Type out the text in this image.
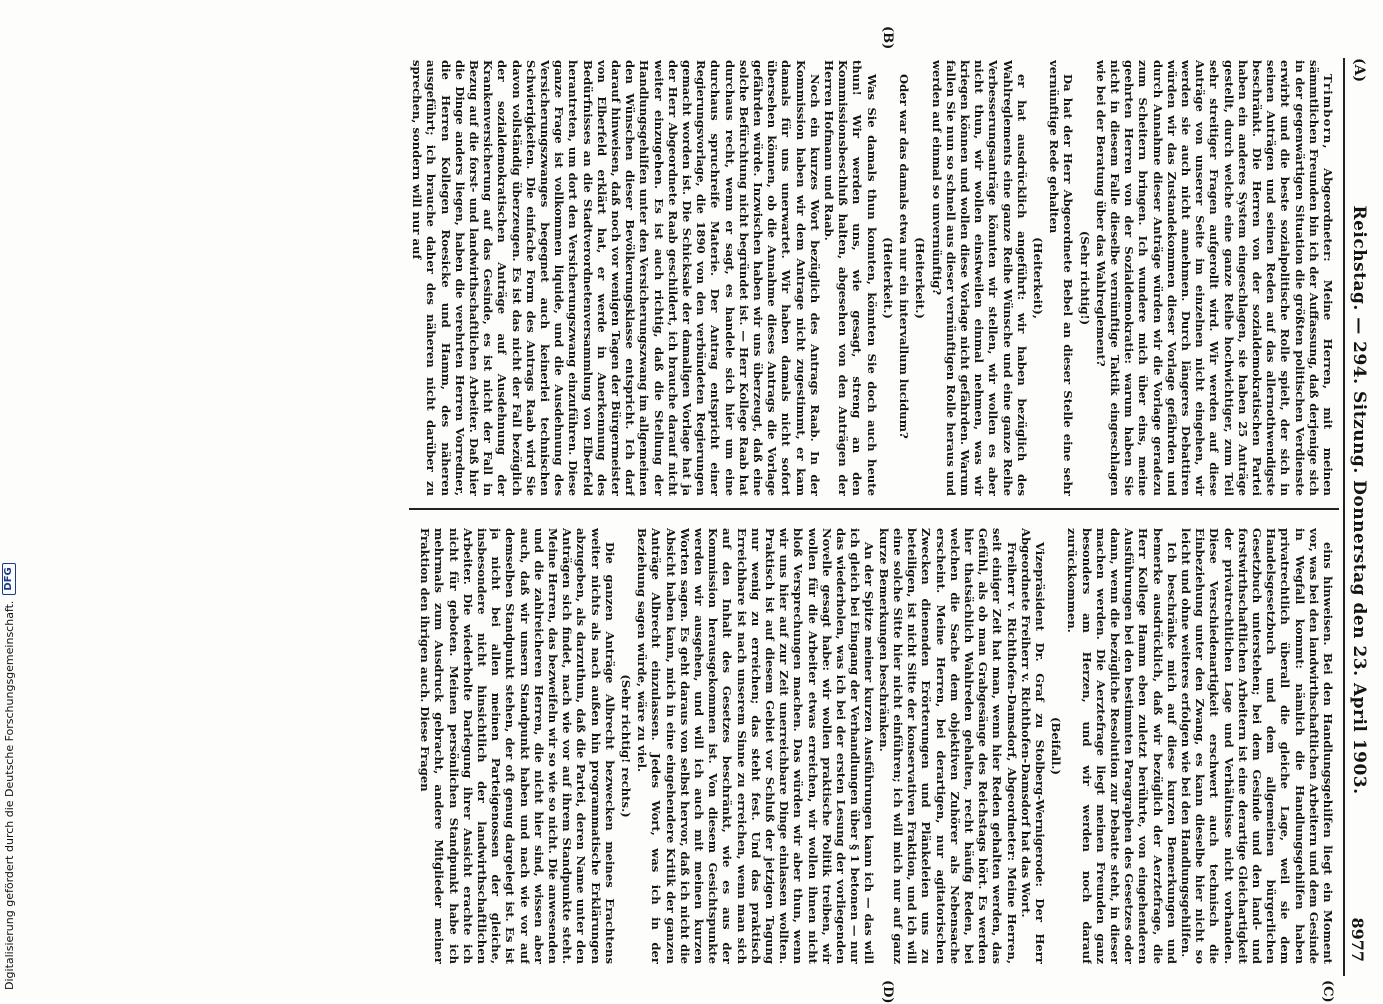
(A)
Reichstag. — 294. Sitzung. Donnerstag den 23. April 1903.
8977
(B)
(C)
(D)

Trimborn, Abgeordneter: Meine Herren, mit meinen sämmtlichen Freunden bin ich der Auffassung, daß derjenige sich in der gegenwärtigen Situation die größten politischen Verdienste erwirbt und die beste sozialpolitische Rolle spielt, der sich in seinen Anträgen und seinen Reden auf das allernothwendigste beschränkt. Die Herren von der sozialdemokratischen Partei haben ein anderes System eingeschlagen, sie haben 25 Anträge gestellt, durch welche eine ganze Reihe hochwichtiger, zum Teil sehr streitiger Fragen aufgerollt wird. Wir werden auf diese Anträge von unserer Seite im einzelnen nicht eingehen, wir werden sie auch nicht annehmen. Durch längeres Debattiren würden wir das Zustandekommen dieser Vorlage gefährden und durch Annahme dieser Anträge würden wir die Vorlage geradezu zum Scheitern bringen. Ich wundere mich über eins, meine geehrten Herren von der Sozialdemokratie: warum haben Sie nicht in diesem Falle dieselbe vernünftige Taktik eingeschlagen wie bei der Beratung über das Wahlreglement?

(Sehr richtig!)

Da hat der Herr Abgeordnete Bebel an dieser Stelle eine sehr vernünftige Rede gehalten

(Heiterkeit),

er hat ausdrücklich angeführt: wir haben bezüglich des Wahlreglements eine ganze Reihe Wünsche und eine ganze Reihe Verbesserungsanträge könnten wir stellen, wir wollen es aber nicht thun, wir wollen einstweilen einmal nehmen, was wir kriegen können und wollen diese Vorlage nicht gefährden. Warum fallen Sie nun so schnell aus dieser vernünftigen Rolle heraus und werden auf einmal so unvernünftig?

(Heiterkeit.)

Oder war das damals etwa nur ein intervallum lucidum?

(Heiterkeit.)

Was Sie damals thun konnten, könnten Sie doch auch heute thun! Wir werden uns, wie gesagt, streng an den Kommissionsbeschluß halten, abgesehen von den Anträgen der Herren Hofmann und Raab.

Noch ein kurzes Wort bezüglich des Antrags Raab. In der Kommission haben wir dem Antrage nicht zugestimmt, er kam damals für uns unerwartet. Wir haben damals nicht sofort übersehen können, ob die Annahme dieses Antrags die Vorlage gefährden würde. Inzwischen haben wir uns überzeugt, daß eine solche Befürchtung nicht begründet ist. — Herr Kollege Raab hat durchaus recht, wenn er sagt, es handele sich hier um eine durchaus spruchreife Materie. Der Antrag entspricht einer Regierungsvorlage, die 1890 von den verbündeten Regierungen gemacht worden ist. Die Schicksale der damaligen Vorlage hat ja der Herr Abgeordnete Raab geschildert, ich brauche darauf nicht weiter einzugehen. Es ist auch richtig, daß die Stellung der Handlungsgehilfen unter den Versicherungszwang im allgemeinen den Wünschen dieser Bevölkerungsklasse entspricht. Ich darf darauf hinweisen, daß noch vor wenigen Tagen der Bürgermeister von Elberfeld erklärt hat, er werde in Anerkennung des Bedürfnisses an die Stadtverordnetenversammlung von Elberfeld herantreten, um dort den Versicherungszwang einzuführen. Diese ganze Frage ist vollkommen liquide, und die Ausdehnung des Versicherungszwanges begegnet auch keinerlei technischen Schwierigkeiten. Die einfache Form des Antrags Raab wird Sie davon vollständig überzeugen. Es ist das nicht der Fall bezüglich der sozialdemokratischen Anträge auf Ausdehnung der Krankenversicherung auf das Gesinde, es ist nicht der Fall in Bezug auf die forst- und landwirthschaftlichen Arbeiter. Daß hier die Dinge anders liegen, haben die verehrten Herren Vorredner, die Herren Kollegen Roesicke und Hamm, des näheren ausgeführt; ich brauche daher des näheren nicht darüber zu sprechen, sondern will nur auf

eins hinweisen. Bei den Handlungsgehilfen liegt ein Moment vor, was bei den landwirthschaftlichen Arbeitern und dem Gesinde in Wegfall kommt: nämlich die Handlungsgehilfen haben privatrechtlich überall die gleiche Lage, weil sie dem Handelsgesetzbuch und dem allgemeinen bürgerlichen Gesetzbuch unterstehen; bei dem Gesinde und den land- und forstwirthschaftlichen Arbeitern ist eine derartige Gleichartigkeit der privatrechtlichen Lage und Verhältnisse nicht vorhanden. Diese Verschiedenartigkeit erschwert auch technisch die Einbeziehung unter den Zwang, es kann dieselbe hier nicht so leicht und ohne weiteres erfolgen wie bei den Handlungsgehilfen.

Ich beschränke mich auf diese kurzen Bemerkungen und bemerke ausdrücklich, daß wir bezüglich der Aerztefrage, die Herr Kollege Hamm eben zuletzt berührte, von eingehenderen Ausführungen bei den bestimmten Paragraphen des Gesetzes oder dann, wenn die bezügliche Resolution zur Debatte steht, in dieser machen werden. Die Aerztefrage liegt meinen Freunden ganz besonders am Herzen, und wir werden noch darauf zurückkommen.

(Beifall.)

Vizepräsident Dr. Graf zu Stolberg-Wernigerode: Der Herr Abgeordnete Freiherr v. Richthofen-Damsdorf hat das Wort.

Freiherr v. Richthofen-Damsdorf, Abgeordneter: Meine Herren, seit einiger Zeit hat man, wenn hier Reden gehalten werden, das Gefühl, als ob man Grabgesänge des Reichstags hört. Es werden hier thatsächlich Wahlreden gehalten, recht häufig Reden, bei welchen die Sache dem objektiven Zuhörer als Nebensache erscheint. Meine Herren, bei derartigen, nur agitatorischen Zwecken dienenden Erörterungen und Plänkeleien uns zu beteiligen, ist nicht Sitte der konservativen Fraktion, und ich will eine solche Sitte hier nicht einführen; ich will mich nur auf ganz kurze Bemerkungen beschränken.

An der Spitze meiner kurzen Ausführungen kann ich — das will ich gleich bei Eingang der Verhandlungen über § 1 betonen — nur das wiederholen, was ich bei der ersten Lesung der vorliegenden Novelle gesagt habe: wir wollen praktische Politik treiben, wir wollen für die Arbeiter etwas erreichen, wir wollen ihnen nicht bloß Versprechungen machen. Das würden wir aber thun, wenn wir uns hier auf zur Zeit unerreichbare Dinge einlassen wollten. Praktisch ist auf diesem Gebiet vor Schluß der jetzigen Tagung nur wenig zu erreichen; das steht fest. Und das praktisch Erreichbare ist nach unserem Sinne zu erreichen, wenn man sich auf den Inhalt des Gesetzes beschränkt, wie es aus der Kommission herausgekommen ist. Von diesem Gesichtspunkte werden wir ausgehen, und will ich auch mit meinen kurzen Worten sagen. Es geht daraus von selbst hervor, daß ich nicht die Absicht haben kann, mich in eine eingehendere Kritik der ganzen Anträge Albrecht einzulassen. Jedes Wort, was ich in der Beziehung sagen würde, wäre zu viel.

(Sehr richtig! rechts.)

Die ganzen Anträge Albrecht bezwecken meines Erachtens weiter nichts als nach außen hin programmatische Erklärungen abzugeben, als darzuthun, daß die Partei, deren Name unter den Anträgen sich findet, nach wie vor auf ihrem Standpunkte steht. Meine Herren, das bezweifeln wir so wie so nicht. Die anwesenden und die zahlreicheren Herren, die nicht hier sind, wissen aber auch, daß wir unsern Standpunkt haben und nach wie vor auf demselben Standpunkt stehen, der oft genug dargelegt ist. Es ist ja nicht bei allen meinen Parteigenossen der gleiche, insbesondere nicht hinsichtlich der landwirthschaftlichen Arbeiter. Die wiederholte Darlegung ihrer Ansicht erachte ich nicht für geboten. Meinen persönlichen Standpunkt habe ich mehrmals zum Ausdruck gebracht, andere Mitglieder meiner Fraktion den ihrigen auch. Diese Fragen

Digitalisierung gefördert durch die Deutsche Forschungsgemeinschaft.
DFG
